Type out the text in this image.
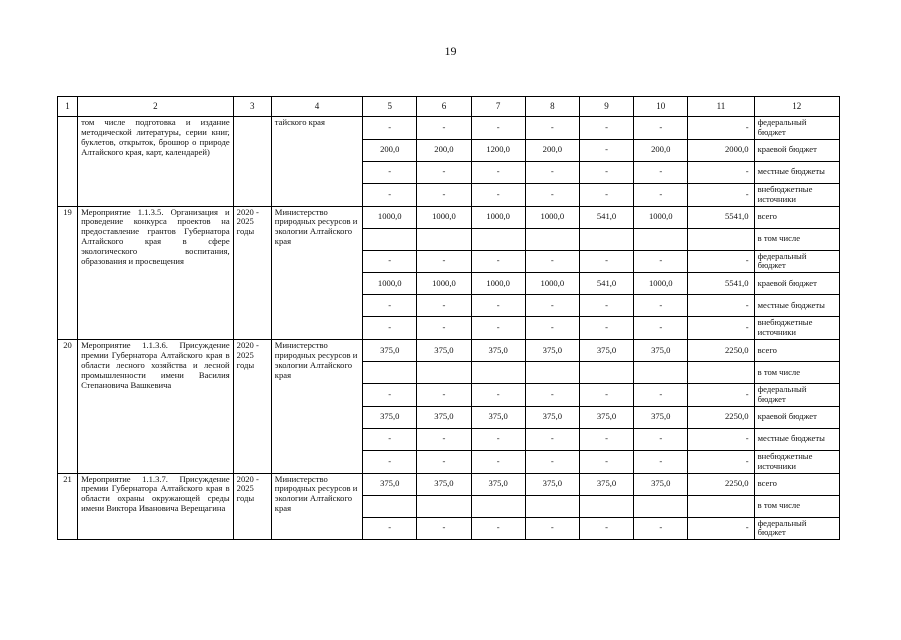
19
1	2	3	4	5	6	7	8	9	10	11	12
	том числе подготовка и издание методической литературы, серии книг, буклетов, открыток, брошюр о природе Алтайского края, карт, календарей)		тайского края	-	-	-	-	-	-	-	федеральный бюджет
				200,0	200,0	1200,0	200,0	-	200,0	2000,0	краевой бюджет
				-	-	-	-	-	-	-	местные бюджеты
				-	-	-	-	-	-	-	внебюджетные источники
19	Мероприятие 1.1.3.5. Организация и проведение конкурса проектов на предоставление грантов Губернатора Алтайского края в сфере экологического воспитания, образования и просвещения	2020 - 2025 годы	Министерство природных ресурсов и экологии Алтайского края	1000,0	1000,0	1000,0	1000,0	541,0	1000,0	5541,0	всего
											в том числе
				-	-	-	-	-	-	-	федеральный бюджет
				1000,0	1000,0	1000,0	1000,0	541,0	1000,0	5541,0	краевой бюджет
				-	-	-	-	-	-	-	местные бюджеты
				-	-	-	-	-	-	-	внебюджетные источники
20	Мероприятие 1.1.3.6. Присуждение премии Губернатора Алтайского края в области лесного хозяйства и лесной промышленности имени Василия Степановича Вашкевича	2020 - 2025 годы	Министерство природных ресурсов и экологии Алтайского края	375,0	375,0	375,0	375,0	375,0	375,0	2250,0	всего
											в том числе
				-	-	-	-	-	-	-	федеральный бюджет
				375,0	375,0	375,0	375,0	375,0	375,0	2250,0	краевой бюджет
				-	-	-	-	-	-	-	местные бюджеты
				-	-	-	-	-	-	-	внебюджетные источники
21	Мероприятие 1.1.3.7. Присуждение премии Губернатора Алтайского края в области охраны окружающей среды имени Виктора Ивановича Верещагина	2020 - 2025 годы	Министерство природных ресурсов и экологии Алтайского края	375,0	375,0	375,0	375,0	375,0	375,0	2250,0	всего
											в том числе
				-	-	-	-	-	-	-	федеральный бюджет
